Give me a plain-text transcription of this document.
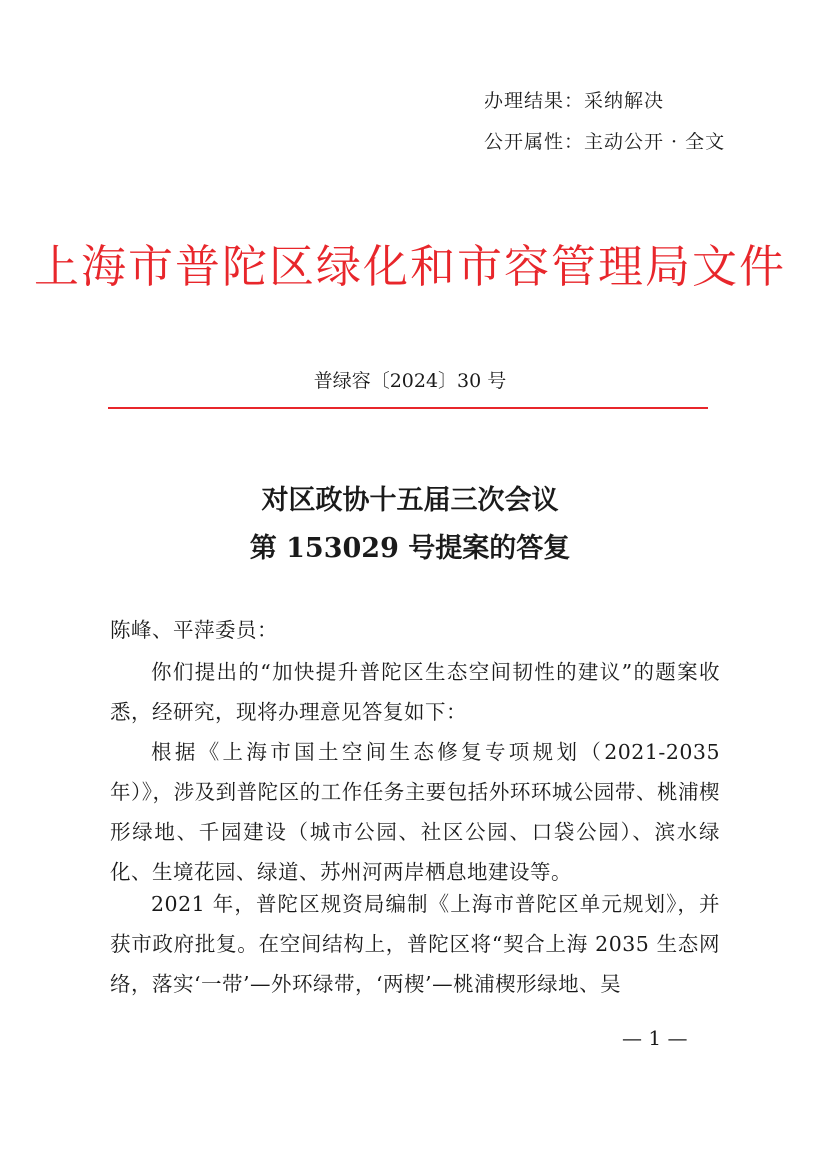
办理结果：采纳解决
公开属性：主动公开 · 全文
上海市普陀区绿化和市容管理局文件
普绿容〔2024〕30 号
对区政协十五届三次会议
第 153029 号提案的答复

陈峰、平萍委员：

你们提出的“加快提升普陀区生态空间韧性的建议”的题案收悉，经研究，现将办理意见答复如下：

根据《上海市国土空间生态修复专项规划（2021-2035 年）》，涉及到普陀区的工作任务主要包括外环环城公园带、桃浦楔形绿地、千园建设（城市公园、社区公园、口袋公园）、滨水绿化、生境花园、绿道、苏州河两岸栖息地建设等。

2021 年，普陀区规资局编制《上海市普陀区单元规划》，并获市政府批复。在空间结构上，普陀区将“契合上海 2035 生态网络，落实‘一带’—外环绿带，‘两楔’—桃浦楔形绿地、吴

— 1 —
